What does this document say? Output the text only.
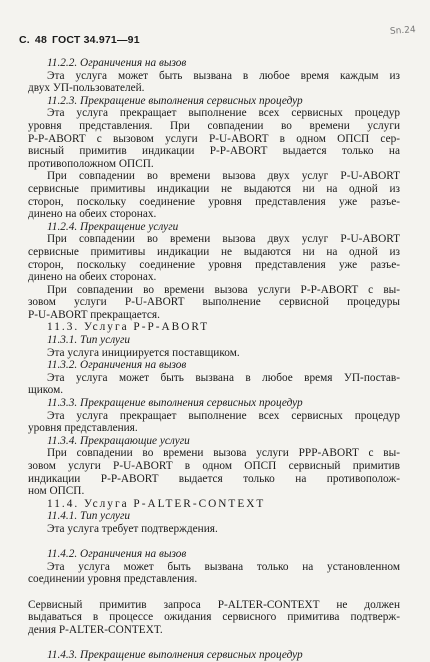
С. 48 ГОСТ 34.971—91
Sn.24
11.2.2. Ограничения на вызов
Эта услуга может быть вызвана в любое время каждым из
двух УП-пользователей.
11.2.3. Прекращение выполнения сервисных процедур
Эта услуга прекращает выполнение всех сервисных процедур
уровня представления. При совпадении во времени услуги
P-P-ABORT с вызовом услуги P-U-ABORT в одном ОПСП сер-
висный примитив индикации P-P-ABORT выдается только на
противоположном ОПСП.
При совпадении во времени вызова двух услуг P-U-ABORT
сервисные примитивы индикации не выдаются ни на одной из
сторон, поскольку соединение уровня представления уже разъе-
динено на обеих сторонах.
11.2.4. Прекращение услуги
При совпадении во времени вызова двух услуг P-U-ABORT
сервисные примитивы индикации не выдаются ни на одной из
сторон, поскольку соединение уровня представления уже разъе-
динено на обеих сторонах.
При совпадении во времени вызова услуги P-P-ABORT с вы-
зовом услуги P-U-ABORT выполнение сервисной процедуры
P-U-ABORT прекращается.
11.3. Услуга P-P-ABORT
11.3.1. Тип услуги
Эта услуга инициируется поставщиком.
11.3.2. Ограничения на вызов
Эта услуга может быть вызвана в любое время УП-постав-
щиком.
11.3.3. Прекращение выполнения сервисных процедур
Эта услуга прекращает выполнение всех сервисных процедур
уровня представления.
11.3.4. Прекращающие услуги
При совпадении во времени вызова услуги PPP-ABORT с вы-
зовом услуги P-U-ABORT в одном ОПСП сервисный примитив
индикации P-P-ABORT выдается только на противополож-
ном ОПСП.
11.4. Услуга P-ALTER-CONTEXT
11.4.1. Тип услуги
Эта услуга требует подтверждения.

11.4.2. Ограничения на вызов
Эта услуга может быть вызвана только на установленном
соединении уровня представления.

Сервисный примитив запроса P-ALTER-CONTEXT не должен
выдаваться в процессе ожидания сервисного примитива подтверж-
дения P-ALTER-CONTEXT.

11.4.3. Прекращение выполнения сервисных процедур
